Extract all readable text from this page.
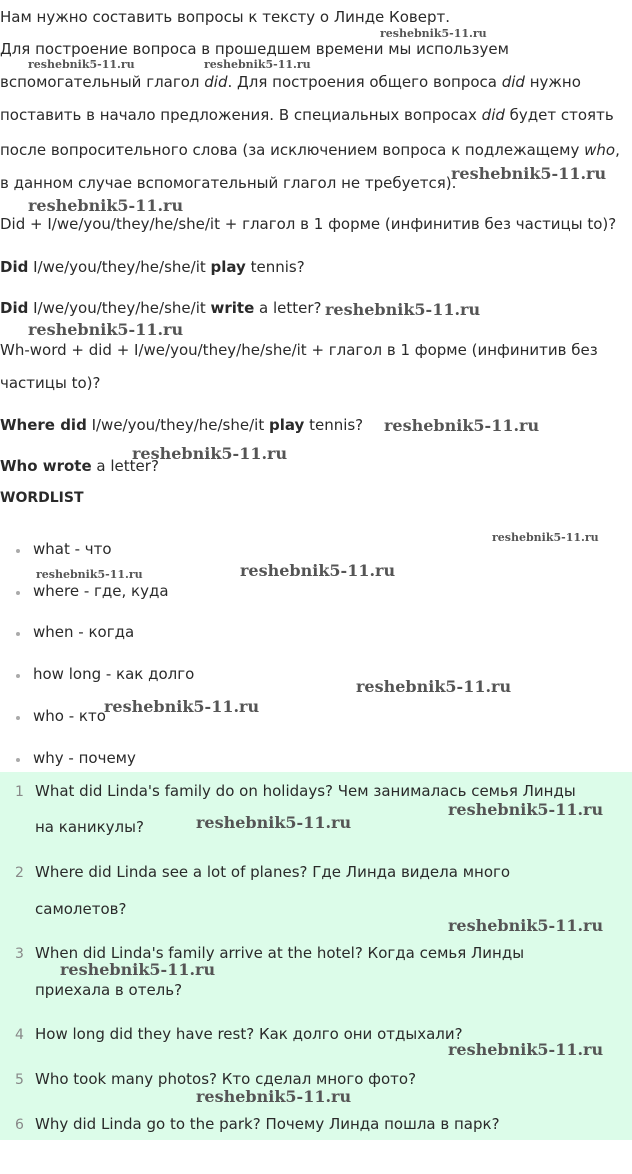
Нам нужно составить вопросы к тексту о Линде Коверт.
Для построение вопроса в прошедшем времени мы используем
вспомогательный глагол did. Для построения общего вопроса did нужно
поставить в начало предложения. В специальных вопросах did будет стоять
после вопросительного слова (за исключением вопроса к подлежащему who,
в данном случае вспомогательный глагол не требуется).
Did + I/we/you/they/he/she/it + глагол в 1 форме (инфинитив без частицы to)?
Did I/we/you/they/he/she/it play tennis?
Did I/we/you/they/he/she/it write a letter?
Wh-word + did + I/we/you/they/he/she/it + глагол в 1 форме (инфинитив без
частицы to)?
Where did I/we/you/they/he/she/it play tennis?
Who wrote a letter?
WORDLIST
what - что
where - где, куда
when - когда
how long - как долго
who - кто
why - почему
1 What did Linda's family do on holidays? Чем занималась семья Линды
на каникулы?
2 Where did Linda see a lot of planes? Где Линда видела много
самолетов?
3 When did Linda's family arrive at the hotel? Когда семья Линды
приехала в отель?
4 How long did they have rest? Как долго они отдыхали?
5 Who took many photos? Кто сделал много фото?
6 Why did Linda go to the park? Почему Линда пошла в парк?
reshebnik5-11.ru
reshebnik5-11.ru	reshebnik5-11.ru
reshebnik5-11.ru
reshebnik5-11.ru
reshebnik5-11.ru
reshebnik5-11.ru
reshebnik5-11.ru
reshebnik5-11.ru
reshebnik5-11.ru
reshebnik5-11.ru	reshebnik5-11.ru
reshebnik5-11.ru
reshebnik5-11.ru
reshebnik5-11.ru
reshebnik5-11.ru
reshebnik5-11.ru
reshebnik5-11.ru
reshebnik5-11.ru
reshebnik5-11.ru
